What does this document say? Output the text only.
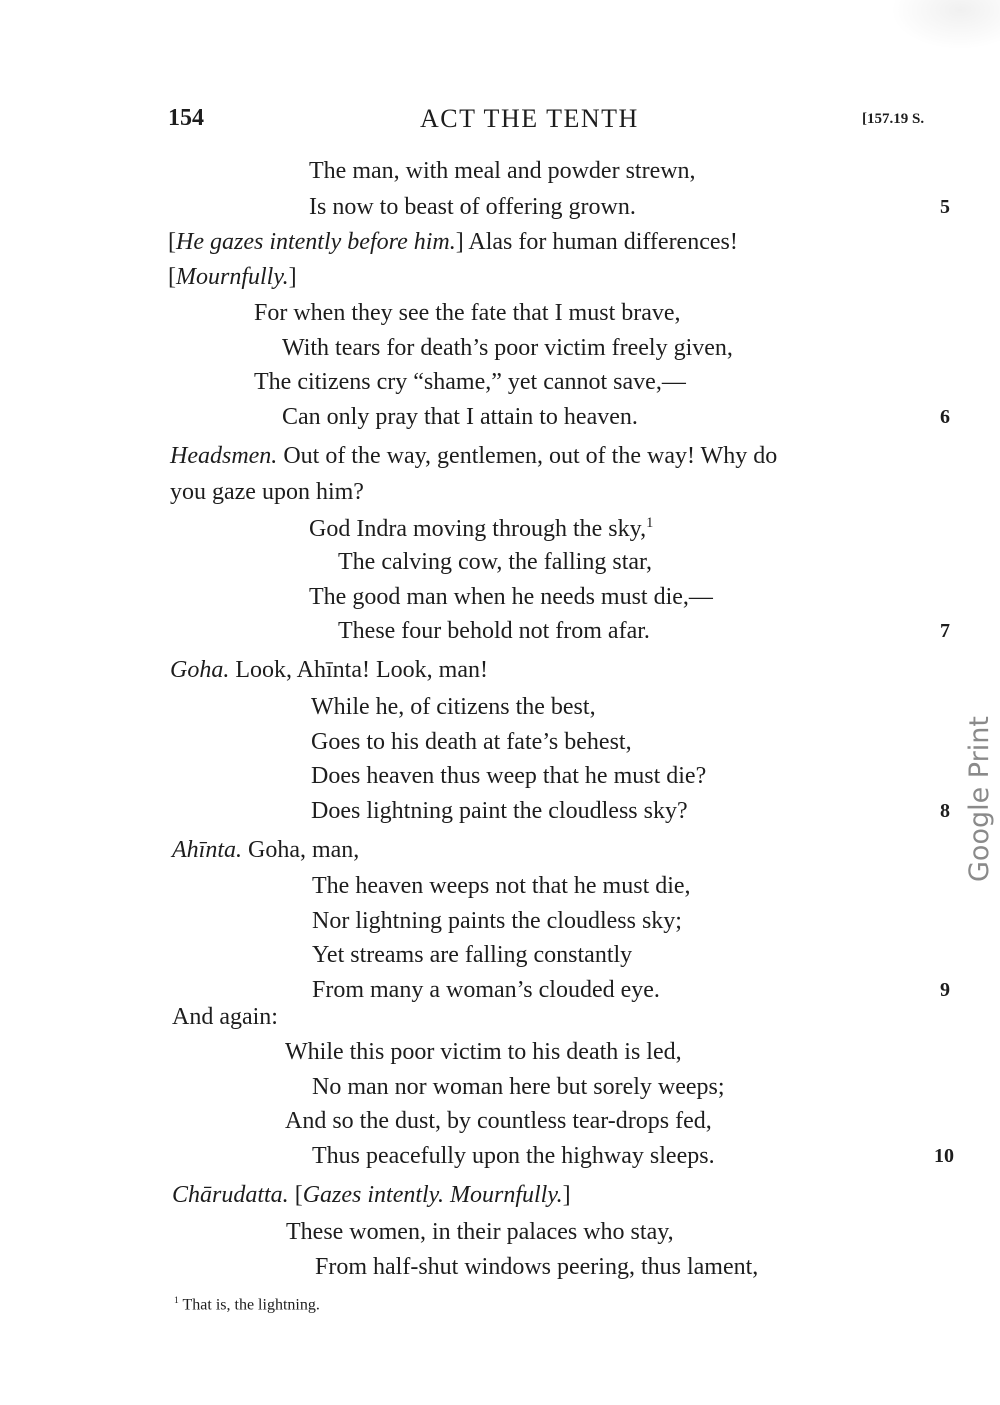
154	ACT THE TENTH	[157.19 S.
The man, with meal and powder strewn,
Is now to beast of offering grown.	5
[He gazes intently before him.] Alas for human differences!
[Mournfully.]
For when they see the fate that I must brave,
With tears for death’s poor victim freely given,
The citizens cry “shame,” yet cannot save,—
Can only pray that I attain to heaven.	6
Headsmen. Out of the way, gentlemen, out of the way! Why do
you gaze upon him?
God Indra moving through the sky,$^1$
The calving cow, the falling star,
The good man when he needs must die,—
These four behold not from afar.	7
Goha. Look, Ahīnta! Look, man!
While he, of citizens the best,
Goes to his death at fate’s behest,
Does heaven thus weep that he must die?
Does lightning paint the cloudless sky?	8
Ahīnta. Goha, man,
The heaven weeps not that he must die,
Nor lightning paints the cloudless sky;
Yet streams are falling constantly
From many a woman’s clouded eye.	9
And again:
While this poor victim to his death is led,
No man nor woman here but sorely weeps;
And so the dust, by countless tear-drops fed,
Thus peacefully upon the highway sleeps.	10
Chārudatta. [Gazes intently. Mournfully.]
These women, in their palaces who stay,
From half-shut windows peering, thus lament,
$^1$ That is, the lightning.
Google Print
